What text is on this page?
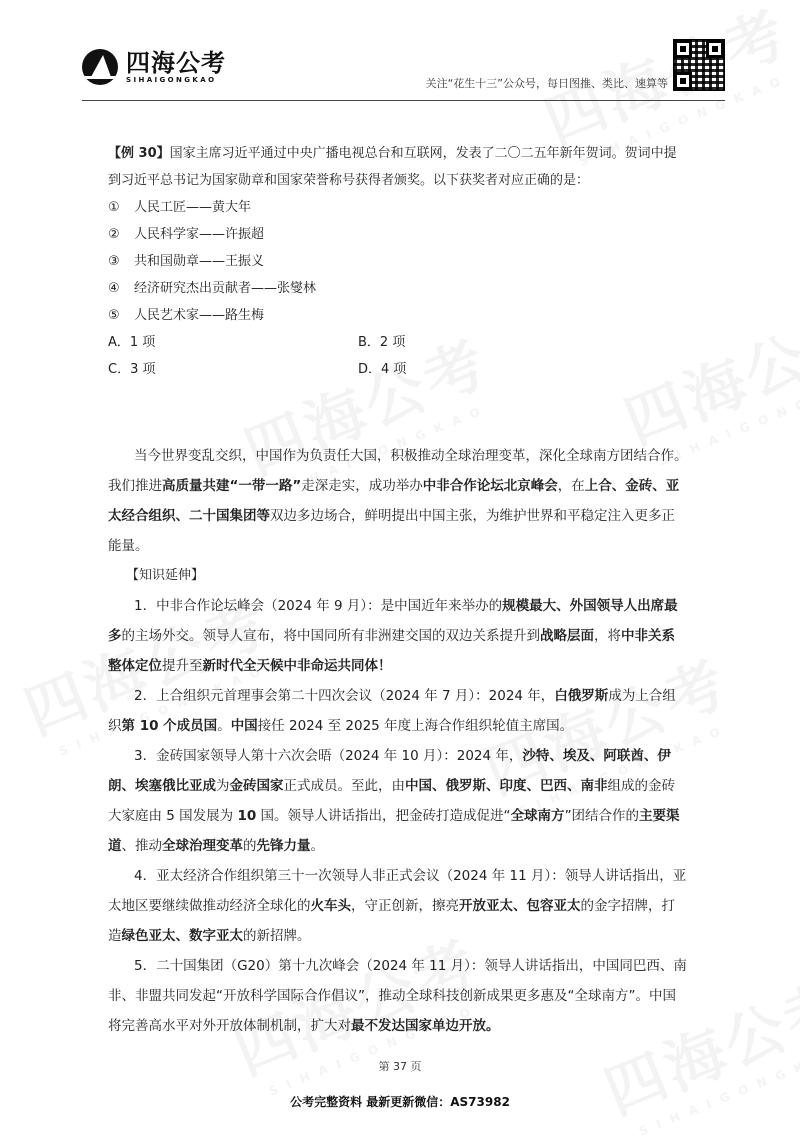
四海公考
SIHAIGONGKAO	关注“花生十三”公众号，每日图推、类比、速算等

【例 30】国家主席习近平通过中央广播电视总台和互联网，发表了二〇二五年新年贺词。贺词中提到习近平总书记为国家勋章和国家荣誉称号获得者颁奖。以下获奖者对应正确的是：

① 人民工匠——黄大年

② 人民科学家——许振超

③ 共和国勋章——王振义

④ 经济研究杰出贡献者——张燮林

⑤ 人民艺术家——路生梅

A．1 项	B．2 项
C．3 项	D．4 项

当今世界变乱交织，中国作为负责任大国，积极推动全球治理变革，深化全球南方团结合作。我们推进高质量共建“一带一路”走深走实，成功举办中非合作论坛北京峰会，在上合、金砖、亚太经合组织、二十国集团等双边多边场合，鲜明提出中国主张，为维护世界和平稳定注入更多正能量。

【知识延伸】

1．中非合作论坛峰会（2024 年 9 月）：是中国近年来举办的规模最大、外国领导人出席最多的主场外交。领导人宣布，将中国同所有非洲建交国的双边关系提升到战略层面，将中非关系整体定位提升至新时代全天候中非命运共同体！

2．上合组织元首理事会第二十四次会议（2024 年 7 月）：2024 年，白俄罗斯成为上合组织第 10 个成员国。中国接任 2024 至 2025 年度上海合作组织轮值主席国。

3．金砖国家领导人第十六次会晤（2024 年 10 月）：2024 年，沙特、埃及、阿联酋、伊朗、埃塞俄比亚成为金砖国家正式成员。至此，由中国、俄罗斯、印度、巴西、南非组成的金砖大家庭由 5 国发展为 10 国。领导人讲话指出，把金砖打造成促进“全球南方”团结合作的主要渠道、推动全球治理变革的先锋力量。

4．亚太经济合作组织第三十一次领导人非正式会议（2024 年 11 月）：领导人讲话指出，亚太地区要继续做推动经济全球化的火车头，守正创新，擦亮开放亚太、包容亚太的金字招牌，打造绿色亚太、数字亚太的新招牌。

5．二十国集团（G20）第十九次峰会（2024 年 11 月）：领导人讲话指出，中国同巴西、南非、非盟共同发起“开放科学国际合作倡议”，推动全球科技创新成果更多惠及“全球南方”。中国将完善高水平对外开放体制机制，扩大对最不发达国家单边开放。

第 37 页
公考完整资料 最新更新微信：AS73982
